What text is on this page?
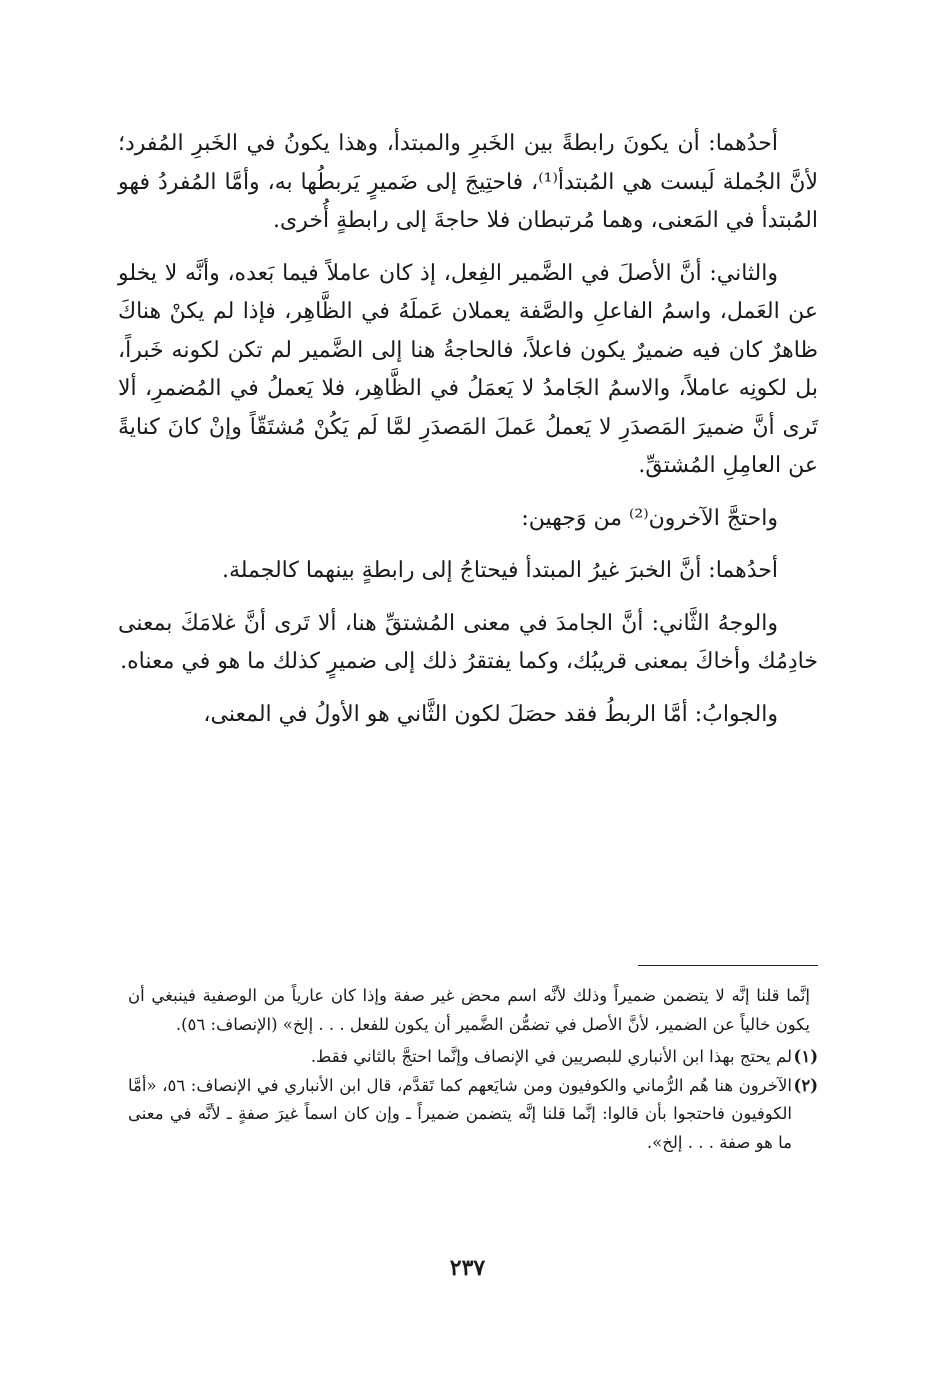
أحدُهما: أن يكونَ رابطةً بين الخَبرِ والمبتدأ، وهذا يكونُ في الخَبرِ المُفرد؛ لأنَّ الجُملة لَيست هي المُبتدأ⁽¹⁾، فاحتِيجَ إلى ضَميرٍ يَربطُها به، وأمَّا المُفردُ فهو المُبتدأ في المَعنى، وهما مُرتبطان فلا حاجةَ إلى رابطةٍ أُخرى.

والثاني: أنَّ الأصلَ في الضَّمير الفِعل، إذ كان عاملاً فيما بَعده، وأنَّه لا يخلو عن العَمل، واسمُ الفاعلِ والصَّفة يعملان عَملَهُ في الظَّاهِر، فإذا لم يكنْ هناكَ ظاهرٌ كان فيه ضميرٌ يكون فاعلاً، فالحاجةُ هنا إلى الضَّمير لم تكن لكونه خَبراً، بل لكونِه عاملاً، والاسمُ الجَامدُ لا يَعمَلُ في الظَّاهِر، فلا يَعملُ في المُضمرِ، ألا تَرى أنَّ ضميرَ المَصدَرِ لا يَعملُ عَملَ المَصدَرِ لمَّا لَم يَكُنْ مُشتَقّاً وإنْ كانَ كنايةً عن العامِلِ المُشتقِّ.

واحتجَّ الآخرون⁽²⁾ من وَجهين:

أحدُهما: أنَّ الخبرَ غيرُ المبتدأ فيحتاجُ إلى رابطةٍ بينهما كالجملة.

والوجهُ الثَّاني: أنَّ الجامدَ في معنى المُشتقِّ هنا، ألا تَرى أنَّ غلامَكَ بمعنى خادِمُك وأخاكَ بمعنى قريبُك، وكما يفتقرُ ذلك إلى ضميرٍ كذلك ما هو في معناه.

والجوابُ: أمَّا الربطُ فقد حصَلَ لكون الثَّاني هو الأولُ في المعنى،

إنَّما قلنا إنَّه لا يتضمن ضميراً وذلك لأنَّه اسم محض غير صفة وإذا كان عارياً من الوصفية فينبغي أن يكون خالياً عن الضمير، لأنَّ الأصل في تضمُّن الضَّمير أن يكون للفعل . . . إلخ» (الإنصاف: ٥٦).

(١)
لم يحتج بهذا ابن الأنباري للبصريين في الإنصاف وإنَّما احتجَّ بالثاني فقط.
(٢)
الآخرون هنا هُم الرُّماني والكوفيون ومن شايَعهم كما تَقدَّم، قال ابن الأنباري في الإنصاف: ٥٦، «أمَّا الكوفيون فاحتجوا بأن قالوا: إنَّما قلنا إنَّه يتضمن ضميراً ـ وإن كان اسماً غيرَ صفةٍ ـ لأنَّه في معنى ما هو صفة . . . إلخ».
٢٣٧
